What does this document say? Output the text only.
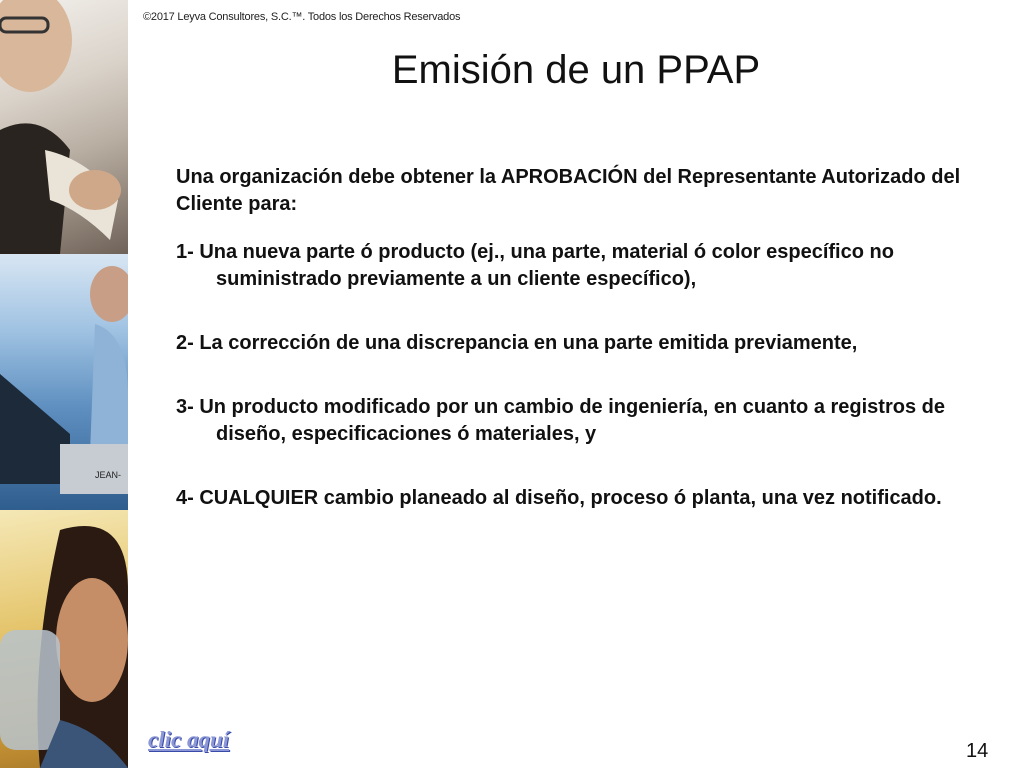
JEAN-
©2017 Leyva Consultores, S.C.™. Todos los Derechos Reservados
Emisión de un PPAP

Una organización debe obtener la APROBACIÓN del Representante Autorizado del Cliente para:

1- Una nueva parte ó producto (ej., una parte, material ó color específico no suministrado previamente a un cliente específico),

2- La corrección de una discrepancia en una parte emitida previamente,

3- Un producto modificado por un cambio de ingeniería, en cuanto a registros de diseño, especificaciones ó materiales, y

4- CUALQUIER cambio planeado al diseño, proceso ó planta, una vez notificado.

clic aquí	14
